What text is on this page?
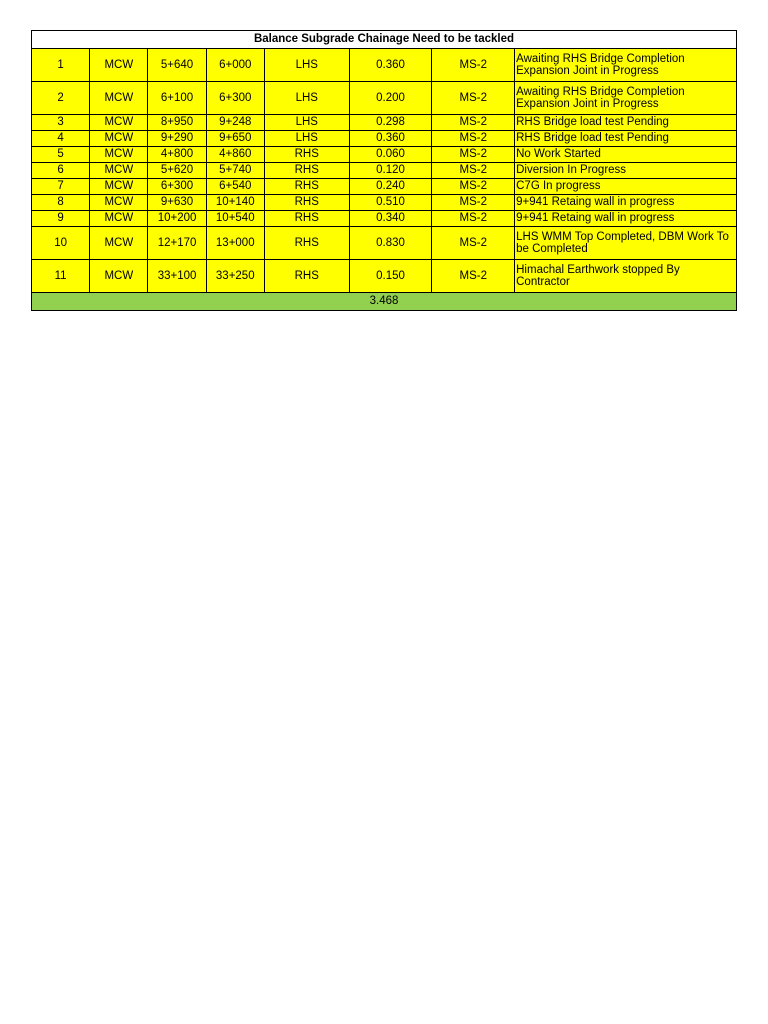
Balance Subgrade Chainage Need to be tackled							
1	MCW	5+640	6+000	LHS	0.360	MS-2	Awaiting RHS Bridge Completion Expansion Joint in Progress
2	MCW	6+100	6+300	LHS	0.200	MS-2	Awaiting RHS Bridge Completion Expansion Joint in Progress
3	MCW	8+950	9+248	LHS	0.298	MS-2	RHS Bridge load test Pending
4	MCW	9+290	9+650	LHS	0.360	MS-2	RHS Bridge load test Pending
5	MCW	4+800	4+860	RHS	0.060	MS-2	No Work Started
6	MCW	5+620	5+740	RHS	0.120	MS-2	Diversion In Progress
7	MCW	6+300	6+540	RHS	0.240	MS-2	C7G In progress
8	MCW	9+630	10+140	RHS	0.510	MS-2	9+941 Retaing wall in progress
9	MCW	10+200	10+540	RHS	0.340	MS-2	9+941 Retaing wall in progress
10	MCW	12+170	13+000	RHS	0.830	MS-2	LHS WMM Top Completed, DBM Work To be Completed
11	MCW	33+100	33+250	RHS	0.150	MS-2	Himachal Earthwork stopped By Contractor
3.468							
